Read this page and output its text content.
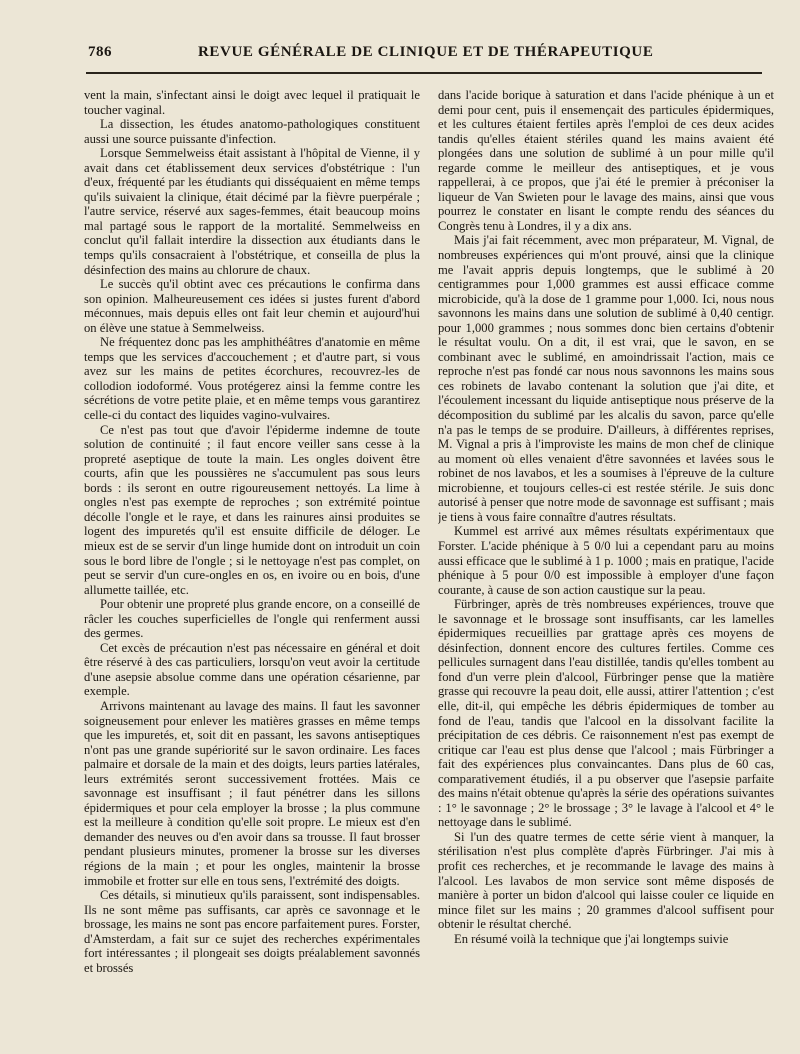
786	REVUE GÉNÉRALE DE CLINIQUE ET DE THÉRAPEUTIQUE

vent la main, s'infectant ainsi le doigt avec lequel il pratiquait le toucher vaginal.

La dissection, les études anatomo-pathologiques constituent aussi une source puissante d'infection.

Lorsque Semmelweiss était assistant à l'hôpital de Vienne, il y avait dans cet établissement deux services d'obstétrique : l'un d'eux, fréquenté par les étudiants qui disséquaient en même temps qu'ils suivaient la clinique, était décimé par la fièvre puerpérale ; l'autre service, réservé aux sages-femmes, était beaucoup moins mal partagé sous le rapport de la mortalité. Semmelweiss en conclut qu'il fallait interdire la dissection aux étudiants dans le temps qu'ils consacraient à l'obstétrique, et conseilla de plus la désinfection des mains au chlorure de chaux.

Le succès qu'il obtint avec ces précautions le confirma dans son opinion. Malheureusement ces idées si justes furent d'abord méconnues, mais depuis elles ont fait leur chemin et aujourd'hui on élève une statue à Semmelweiss.

Ne fréquentez donc pas les amphithéâtres d'anatomie en même temps que les services d'accouchement ; et d'autre part, si vous avez sur les mains de petites écorchures, recouvrez-les de collodion iodoformé. Vous protégerez ainsi la femme contre les sécrétions de votre petite plaie, et en même temps vous garantirez celle-ci du contact des liquides vagino-vulvaires.

Ce n'est pas tout que d'avoir l'épiderme indemne de toute solution de continuité ; il faut encore veiller sans cesse à la propreté aseptique de toute la main. Les ongles doivent être courts, afin que les poussières ne s'accumulent pas sous leurs bords : ils seront en outre rigoureusement nettoyés. La lime à ongles n'est pas exempte de reproches ; son extrémité pointue décolle l'ongle et le raye, et dans les rainures ainsi produites se logent des impuretés qu'il est ensuite difficile de déloger. Le mieux est de se servir d'un linge humide dont on introduit un coin sous le bord libre de l'ongle ; si le nettoyage n'est pas complet, on peut se servir d'un cure-ongles en os, en ivoire ou en bois, d'une allumette taillée, etc.

Pour obtenir une propreté plus grande encore, on a conseillé de râcler les couches superficielles de l'ongle qui renferment aussi des germes.

Cet excès de précaution n'est pas nécessaire en général et doit être réservé à des cas particuliers, lorsqu'on veut avoir la certitude d'une asepsie absolue comme dans une opération césarienne, par exemple.

Arrivons maintenant au lavage des mains. Il faut les savonner soigneusement pour enlever les matières grasses en même temps que les impuretés, et, soit dit en passant, les savons antiseptiques n'ont pas une grande supériorité sur le savon ordinaire. Les faces palmaire et dorsale de la main et des doigts, leurs parties latérales, leurs extrémités seront successivement frottées. Mais ce savonnage est insuffisant ; il faut pénétrer dans les sillons épidermiques et pour cela employer la brosse ; la plus commune est la meilleure à condition qu'elle soit propre. Le mieux est d'en demander des neuves ou d'en avoir dans sa trousse. Il faut brosser pendant plusieurs minutes, promener la brosse sur les diverses régions de la main ; et pour les ongles, maintenir la brosse immobile et frotter sur elle en tous sens, l'extrémité des doigts.

Ces détails, si minutieux qu'ils paraissent, sont indispensables. Ils ne sont même pas suffisants, car après ce savonnage et le brossage, les mains ne sont pas encore parfaitement pures. Forster, d'Amsterdam, a fait sur ce sujet des recherches expérimentales fort intéressantes ; il plongeait ses doigts préalablement savonnés et brossés

dans l'acide borique à saturation et dans l'acide phénique à un et demi pour cent, puis il ensemençait des particules épidermiques, et les cultures étaient fertiles après l'emploi de ces deux acides tandis qu'elles étaient stériles quand les mains avaient été plongées dans une solution de sublimé à un pour mille qu'il regarde comme le meilleur des antiseptiques, et je vous rappellerai, à ce propos, que j'ai été le premier à préconiser la liqueur de Van Swieten pour le lavage des mains, ainsi que vous pourrez le constater en lisant le compte rendu des séances du Congrès tenu à Londres, il y a dix ans.

Mais j'ai fait récemment, avec mon préparateur, M. Vignal, de nombreuses expériences qui m'ont prouvé, ainsi que la clinique me l'avait appris depuis longtemps, que le sublimé à 20 centigrammes pour 1,000 grammes est aussi efficace comme microbicide, qu'à la dose de 1 gramme pour 1,000. Ici, nous nous savonnons les mains dans une solution de sublimé à 0,40 centigr. pour 1,000 grammes ; nous sommes donc bien certains d'obtenir le résultat voulu. On a dit, il est vrai, que le savon, en se combinant avec le sublimé, en amoindrissait l'action, mais ce reproche n'est pas fondé car nous nous savonnons les mains sous ces robinets de lavabo contenant la solution que j'ai dite, et l'écoulement incessant du liquide antiseptique nous préserve de la décomposition du sublimé par les alcalis du savon, parce qu'elle n'a pas le temps de se produire. D'ailleurs, à différentes reprises, M. Vignal a pris à l'improviste les mains de mon chef de clinique au moment où elles venaient d'être savonnées et lavées sous le robinet de nos lavabos, et les a soumises à l'épreuve de la culture microbienne, et toujours celles-ci est restée stérile. Je suis donc autorisé à penser que notre mode de savonnage est suffisant ; mais je tiens à vous faire connaître d'autres résultats.

Kummel est arrivé aux mêmes résultats expérimentaux que Forster. L'acide phénique à 5 0/0 lui a cependant paru au moins aussi efficace que le sublimé à 1 p. 1000 ; mais en pratique, l'acide phénique à 5 pour 0/0 est impossible à employer d'une façon courante, à cause de son action caustique sur la peau.

Fürbringer, après de très nombreuses expériences, trouve que le savonnage et le brossage sont insuffisants, car les lamelles épidermiques recueillies par grattage après ces moyens de désinfection, donnent encore des cultures fertiles. Comme ces pellicules surnagent dans l'eau distillée, tandis qu'elles tombent au fond d'un verre plein d'alcool, Fürbringer pense que la matière grasse qui recouvre la peau doit, elle aussi, attirer l'attention ; c'est elle, dit-il, qui empêche les débris épidermiques de tomber au fond de l'eau, tandis que l'alcool en la dissolvant facilite la précipitation de ces débris. Ce raisonnement n'est pas exempt de critique car l'eau est plus dense que l'alcool ; mais Fürbringer a fait des expériences plus convaincantes. Dans plus de 60 cas, comparativement étudiés, il a pu observer que l'asepsie parfaite des mains n'était obtenue qu'après la série des opérations suivantes : 1° le savonnage ; 2° le brossage ; 3° le lavage à l'alcool et 4° le nettoyage dans le sublimé.

Si l'un des quatre termes de cette série vient à manquer, la stérilisation n'est plus complète d'après Fürbringer. J'ai mis à profit ces recherches, et je recommande le lavage des mains à l'alcool. Les lavabos de mon service sont même disposés de manière à porter un bidon d'alcool qui laisse couler ce liquide en mince filet sur les mains ; 20 grammes d'alcool suffisent pour obtenir le résultat cherché.

En résumé voilà la technique que j'ai longtemps suivie
